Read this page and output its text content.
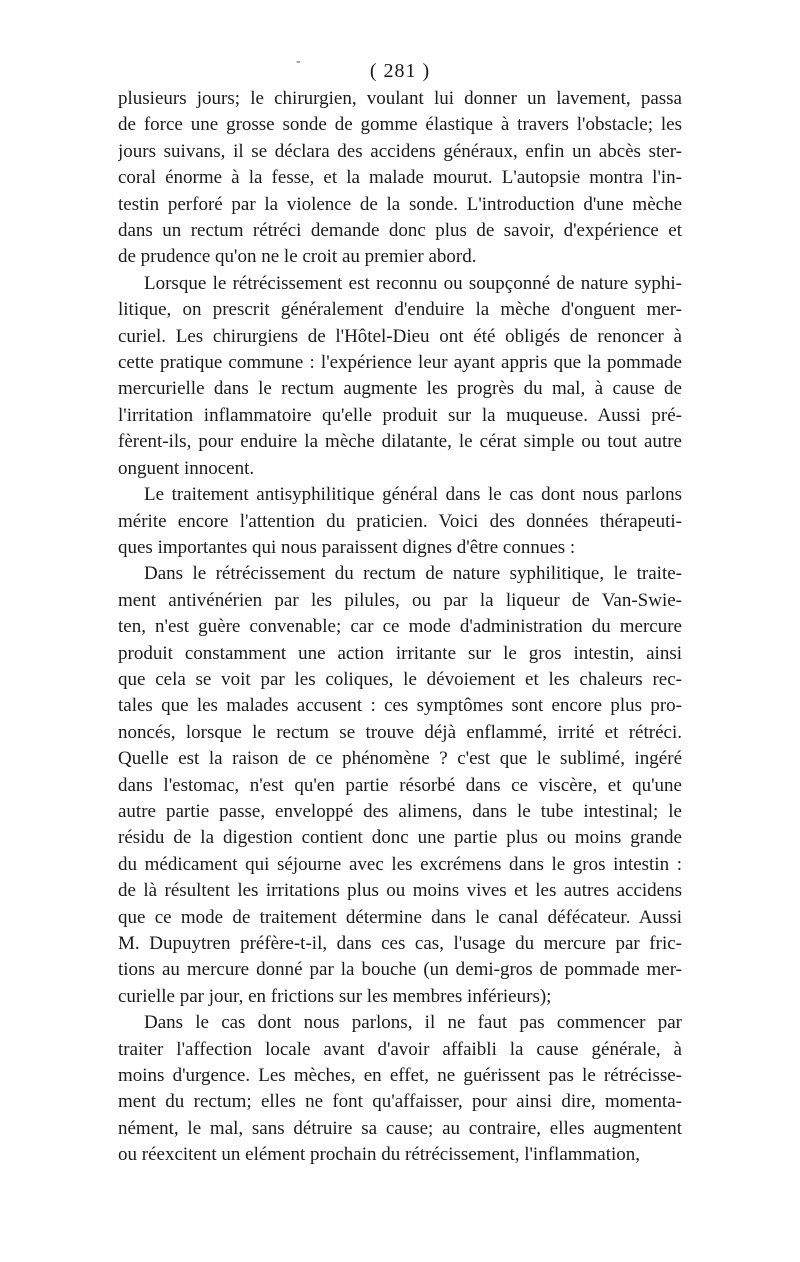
-	( 281 )
plusieurs jours; le chirurgien, voulant lui donner un lavement, passa
de force une grosse sonde de gomme élastique à travers l'obstacle; les
jours suivans, il se déclara des accidens généraux, enfin un abcès ster-
coral énorme à la fesse, et la malade mourut. L'autopsie montra l'in-
testin perforé par la violence de la sonde. L'introduction d'une mèche
dans un rectum rétréci demande donc plus de savoir, d'expérience et
de prudence qu'on ne le croit au premier abord.
Lorsque le rétrécissement est reconnu ou soupçonné de nature syphi-
litique, on prescrit généralement d'enduire la mèche d'onguent mer-
curiel. Les chirurgiens de l'Hôtel-Dieu ont été obligés de renoncer à
cette pratique commune : l'expérience leur ayant appris que la pommade
mercurielle dans le rectum augmente les progrès du mal, à cause de
l'irritation inflammatoire qu'elle produit sur la muqueuse. Aussi pré-
fèrent-ils, pour enduire la mèche dilatante, le cérat simple ou tout autre
onguent innocent.
Le traitement antisyphilitique général dans le cas dont nous parlons
mérite encore l'attention du praticien. Voici des données thérapeuti-
ques importantes qui nous paraissent dignes d'être connues :
Dans le rétrécissement du rectum de nature syphilitique, le traite-
ment antivénérien par les pilules, ou par la liqueur de Van-Swie-
ten, n'est guère convenable; car ce mode d'administration du mercure
produit constamment une action irritante sur le gros intestin, ainsi
que cela se voit par les coliques, le dévoiement et les chaleurs rec-
tales que les malades accusent : ces symptômes sont encore plus pro-
noncés, lorsque le rectum se trouve déjà enflammé, irrité et rétréci.
Quelle est la raison de ce phénomène ? c'est que le sublimé, ingéré
dans l'estomac, n'est qu'en partie résorbé dans ce viscère, et qu'une
autre partie passe, enveloppé des alimens, dans le tube intestinal; le
résidu de la digestion contient donc une partie plus ou moins grande
du médicament qui séjourne avec les excrémens dans le gros intestin :
de là résultent les irritations plus ou moins vives et les autres accidens
que ce mode de traitement détermine dans le canal défécateur. Aussi
M. Dupuytren préfère-t-il, dans ces cas, l'usage du mercure par fric-
tions au mercure donné par la bouche (un demi-gros de pommade mer-
curielle par jour, en frictions sur les membres inférieurs);
Dans le cas dont nous parlons, il ne faut pas commencer par
traiter l'affection locale avant d'avoir affaibli la cause générale, à
moins d'urgence. Les mèches, en effet, ne guérissent pas le rétrécisse-
ment du rectum; elles ne font qu'affaisser, pour ainsi dire, momenta-
nément, le mal, sans détruire sa cause; au contraire, elles augmentent
ou réexcitent un elément prochain du rétrécissement, l'inflammation,
